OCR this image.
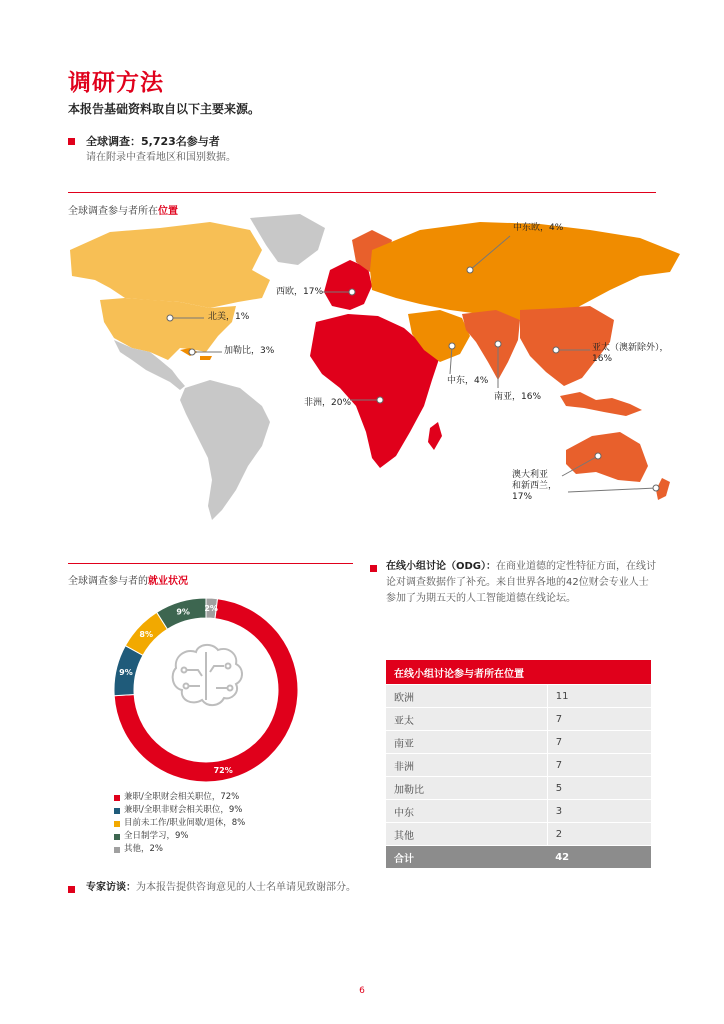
调研方法
本报告基础资料取自以下主要来源。
全球调查：5,723名参与者
请在附录中查看地区和国别数据。
全球调查参与者所在位置
中东欧，4%
西欧，17%
北美，1%
加勒比，3%
非洲，20%
中东，4%
南亚，16%
亚太（澳新除外），
16%
澳大利亚
和新西兰，
17%
全球调查参与者的就业状况
2%
72%
9%
8%
9%
兼职/全职财会相关职位，72%
兼职/全职非财会相关职位，9%
目前未工作/职业间歇/退休，8%
全日制学习，9%
其他，2%
在线小组讨论（ODG）：在商业道德的定性特征方面，在线讨论对调查数据作了补充。来自世界各地的42位财会专业人士参加了为期五天的人工智能道德在线论坛。
在线小组讨论参与者所在位置	
欧洲	11
亚太	7
南亚	7
非洲	7
加勒比	5
中东	3
其他	2
合计	42
专家访谈：为本报告提供咨询意见的人士名单请见致谢部分。
6
